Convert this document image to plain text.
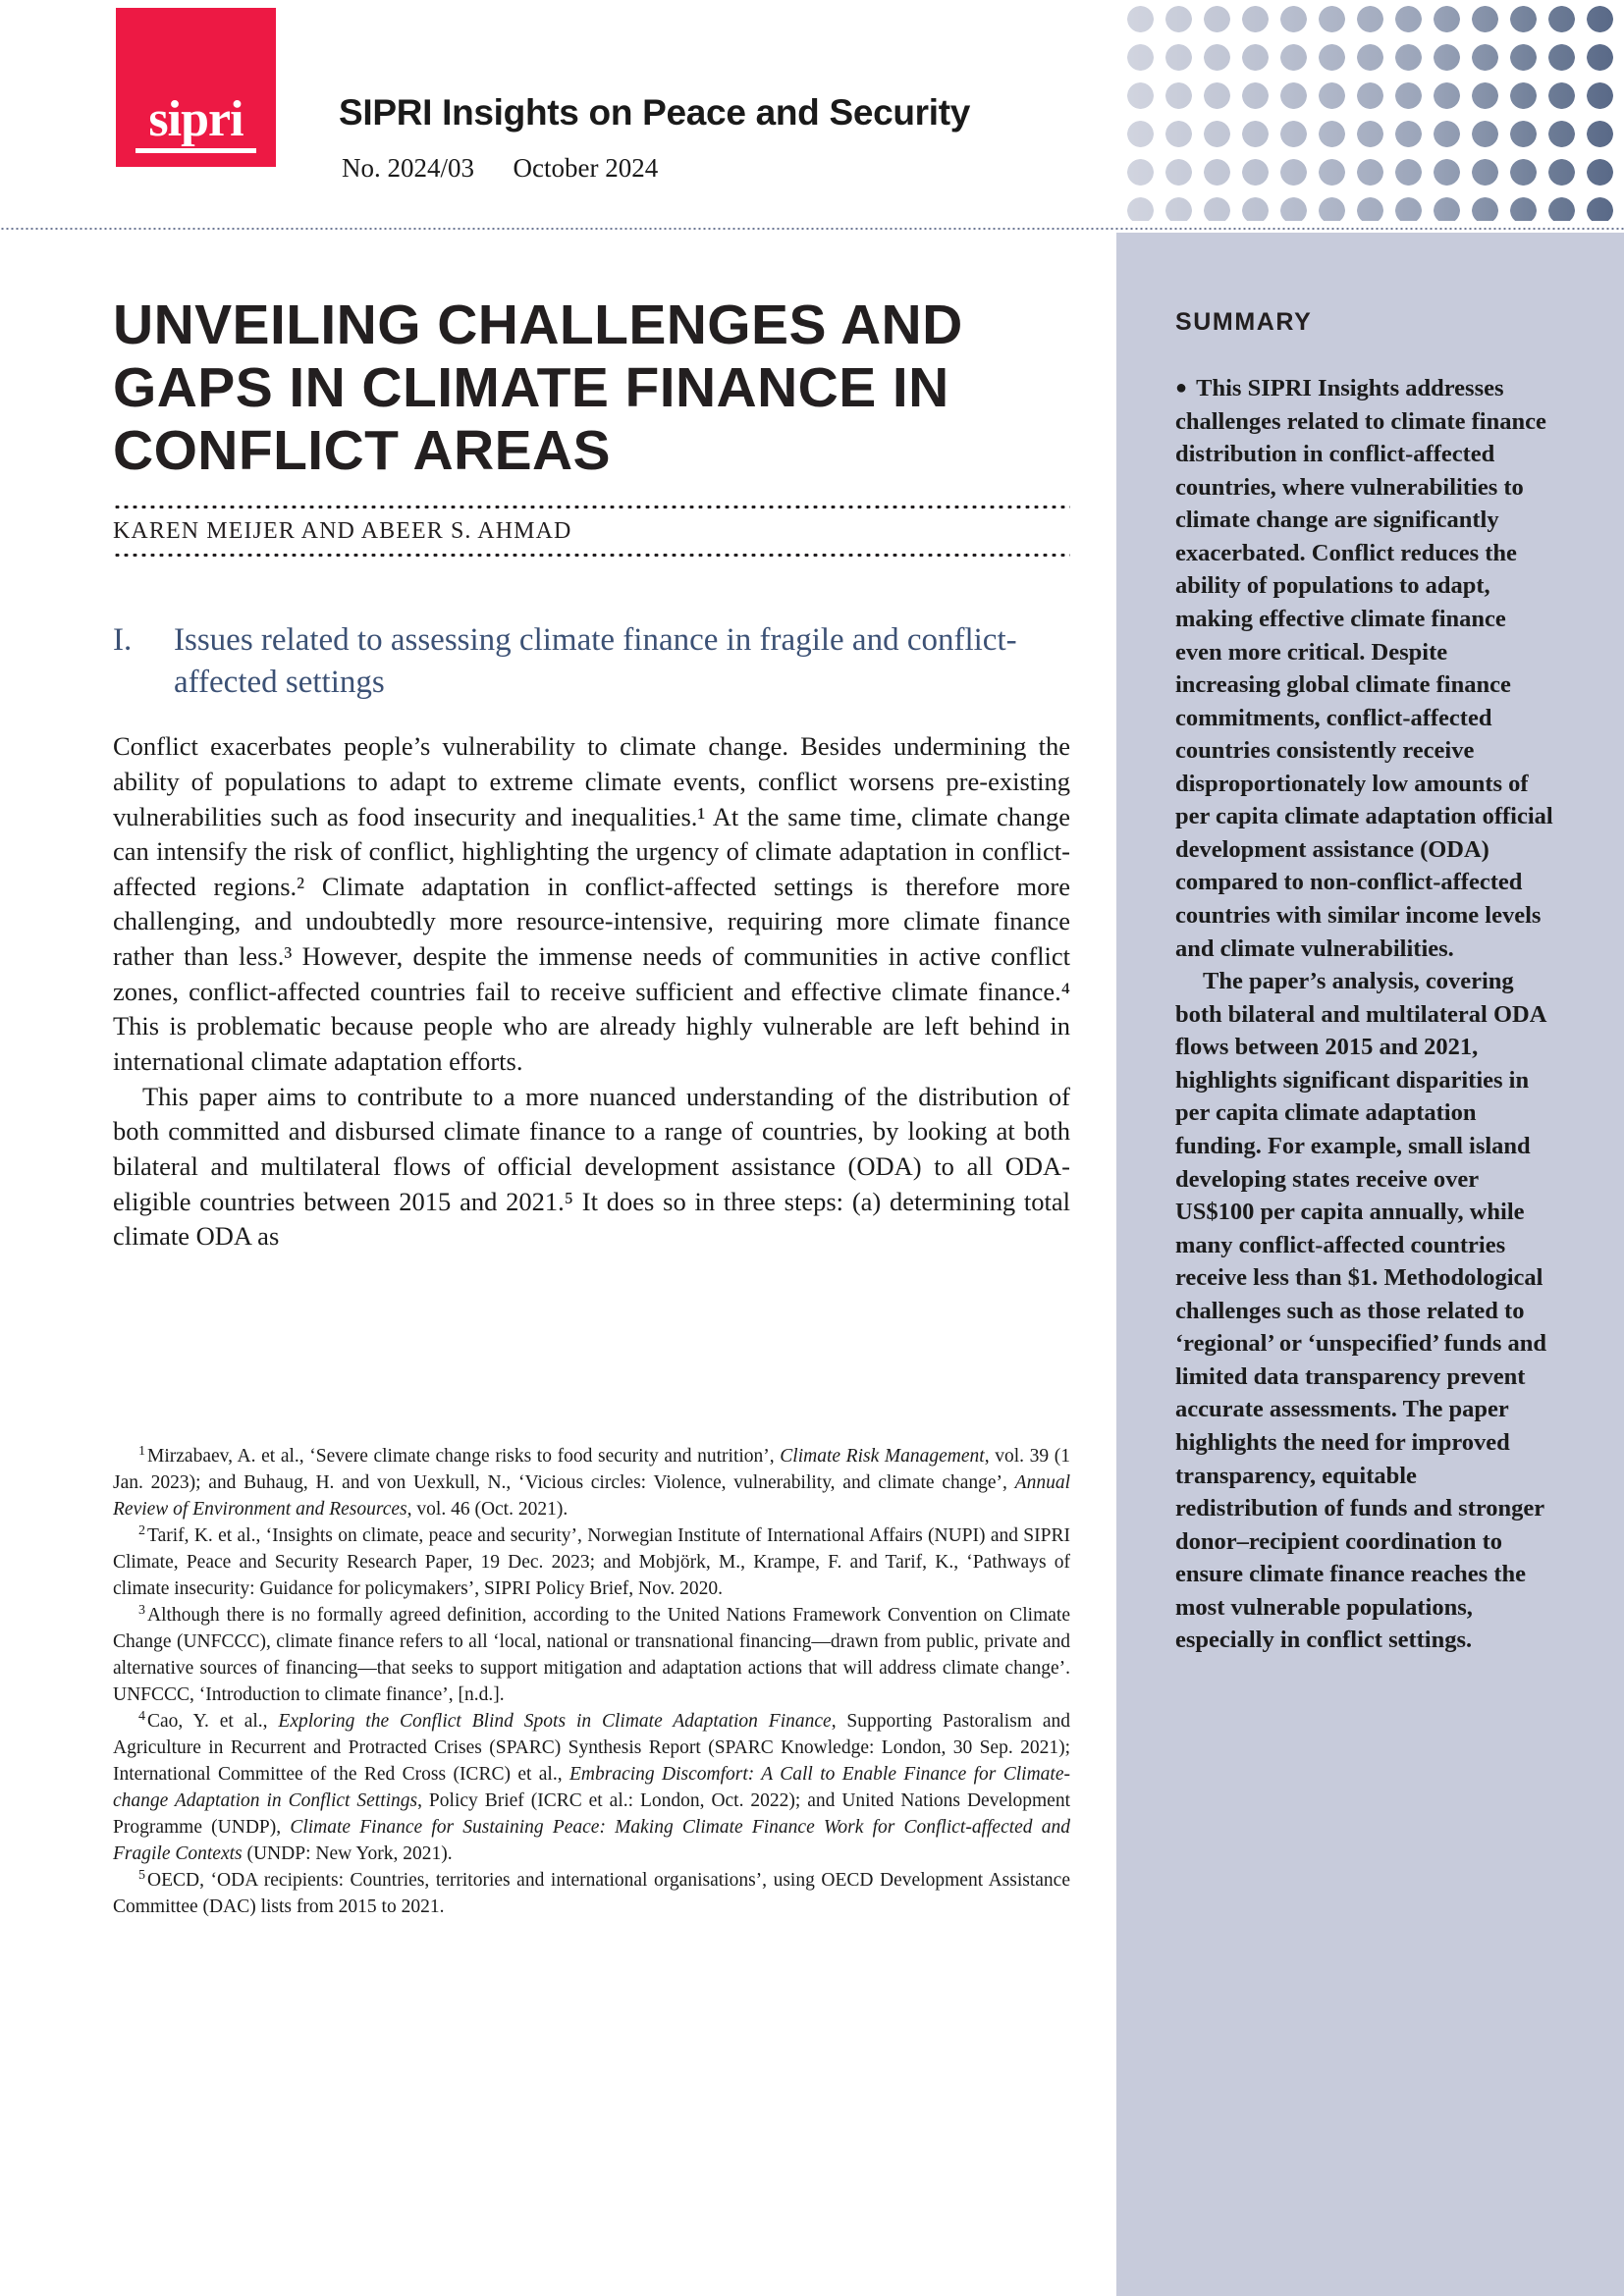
sipri	SIPRI Insights on Peace and Security
No. 2024/03 October 2024
SUMMARY

● This SIPRI Insights addresses challenges related to climate finance distribution in conflict-affected countries, where vulnerabilities to climate change are significantly exacerbated. Conflict reduces the ability of populations to adapt, making effective climate finance even more critical. Despite increasing global climate finance commitments, conflict-affected countries consistently receive disproportionately low amounts of per capita climate adaptation official development assistance (ODA) compared to non-conflict-affected countries with similar income levels and climate vulnerabilities.

The paper’s analysis, covering both bilateral and multilateral ODA flows between 2015 and 2021, highlights significant disparities in per capita climate adaptation funding. For example, small island developing states receive over US$100 per capita annually, while many conflict-affected countries receive less than $1. Methodological challenges such as those related to ‘regional’ or ‘unspecified’ funds and limited data transparency prevent accurate assessments. The paper highlights the need for improved transparency, equitable redistribution of funds and stronger donor–recipient coordination to ensure climate finance reaches the most vulnerable populations, especially in conflict settings.

UNVEILING CHALLENGES AND GAPS IN CLIMATE FINANCE IN CONFLICT AREAS
KAREN MEIJER AND ABEER S. AHMAD
I.	Issues related to assessing climate finance in fragile and conflict-affected settings

Conflict exacerbates people’s vulnerability to climate change. Besides undermining the ability of populations to adapt to extreme climate events, conflict worsens pre-existing vulnerabilities such as food insecurity and inequalities.¹ At the same time, climate change can intensify the risk of conflict, highlighting the urgency of climate adaptation in conflict-affected regions.² Climate adaptation in conflict-affected settings is therefore more challenging, and undoubtedly more resource-intensive, requiring more climate finance rather than less.³ However, despite the immense needs of communities in active conflict zones, conflict-affected countries fail to receive sufficient and effective climate finance.⁴ This is problematic because people who are already highly vulnerable are left behind in international climate adaptation efforts.

This paper aims to contribute to a more nuanced understanding of the distribution of both committed and disbursed climate finance to a range of countries, by looking at both bilateral and multilateral flows of official development assistance (ODA) to all ODA-eligible countries between 2015 and 2021.⁵ It does so in three steps: (a) determining total climate ODA as

$^1$ Mirzabaev, A. et al., ‘Severe climate change risks to food security and nutrition’, Climate Risk Management, vol. 39 (1 Jan. 2023); and Buhaug, H. and von Uexkull, N., ‘Vicious circles: Violence, vulnerability, and climate change’, Annual Review of Environment and Resources, vol. 46 (Oct. 2021).

$^2$ Tarif, K. et al., ‘Insights on climate, peace and security’, Norwegian Institute of International Affairs (NUPI) and SIPRI Climate, Peace and Security Research Paper, 19 Dec. 2023; and Mobjörk, M., Krampe, F. and Tarif, K., ‘Pathways of climate insecurity: Guidance for policymakers’, SIPRI Policy Brief, Nov. 2020.

$^3$ Although there is no formally agreed definition, according to the United Nations Framework Convention on Climate Change (UNFCCC), climate finance refers to all ‘local, national or transnational financing—drawn from public, private and alternative sources of financing—that seeks to support mitigation and adaptation actions that will address climate change’. UNFCCC, ‘Introduction to climate finance’, [n.d.].

$^4$ Cao, Y. et al., Exploring the Conflict Blind Spots in Climate Adaptation Finance, Supporting Pastoralism and Agriculture in Recurrent and Protracted Crises (SPARC) Synthesis Report (SPARC Knowledge: London, 30 Sep. 2021); International Committee of the Red Cross (ICRC) et al., Embracing Discomfort: A Call to Enable Finance for Climate-change Adaptation in Conflict Settings, Policy Brief (ICRC et al.: London, Oct. 2022); and United Nations Development Programme (UNDP), Climate Finance for Sustaining Peace: Making Climate Finance Work for Conflict-affected and Fragile Contexts (UNDP: New York, 2021).

$^5$ OECD, ‘ODA recipients: Countries, territories and international organisations’, using OECD Development Assistance Committee (DAC) lists from 2015 to 2021.
